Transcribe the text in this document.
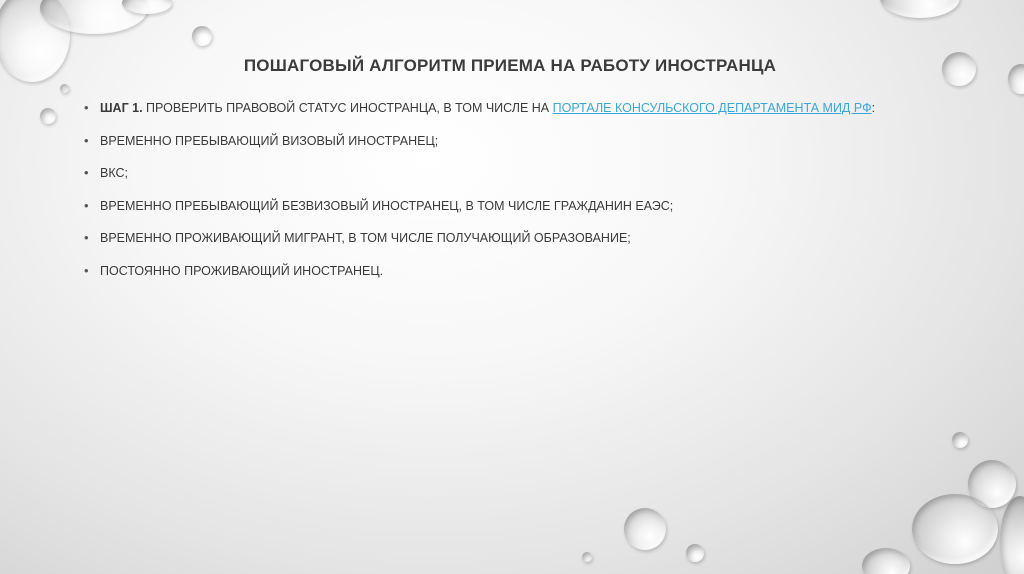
ПОШАГОВЫЙ АЛГОРИТМ ПРИЕМА НА РАБОТУ ИНОСТРАНЦА
• ШАГ 1. ПРОВЕРИТЬ ПРАВОВОЙ СТАТУС ИНОСТРАНЦА, В ТОМ ЧИСЛЕ НА ПОРТАЛЕ КОНСУЛЬСКОГО ДЕПАРТАМЕНТА МИД РФ:
• ВРЕМЕННО ПРЕБЫВАЮЩИЙ ВИЗОВЫЙ ИНОСТРАНЕЦ;
• ВКС;
• ВРЕМЕННО ПРЕБЫВАЮЩИЙ БЕЗВИЗОВЫЙ ИНОСТРАНЕЦ, В ТОМ ЧИСЛЕ ГРАЖДАНИН ЕАЭС;
• ВРЕМЕННО ПРОЖИВАЮЩИЙ МИГРАНТ, В ТОМ ЧИСЛЕ ПОЛУЧАЮЩИЙ ОБРАЗОВАНИЕ;
• ПОСТОЯННО ПРОЖИВАЮЩИЙ ИНОСТРАНЕЦ.
